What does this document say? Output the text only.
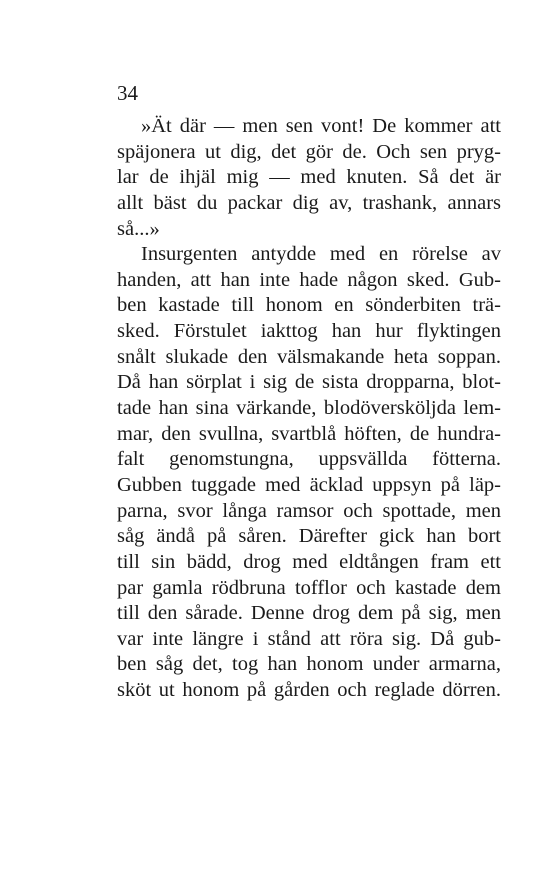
34
»Ät där — men sen vont! De kommer att
späjonera ut dig, det gör de. Och sen pryg-
lar de ihjäl mig — med knuten. Så det är
allt bäst du packar dig av, trashank, annars
så...»
Insurgenten antydde med en rörelse av
handen, att han inte hade någon sked. Gub-
ben kastade till honom en sönderbiten trä-
sked. Förstulet iakttog han hur flyktingen
snålt slukade den välsmakande heta soppan.
Då han sörplat i sig de sista dropparna, blot-
tade han sina värkande, blodöversköljda lem-
mar, den svullna, svartblå höften, de hundra-
falt genomstungna, uppsvällda fötterna.
Gubben tuggade med äcklad uppsyn på läp-
parna, svor långa ramsor och spottade, men
såg ändå på såren. Därefter gick han bort
till sin bädd, drog med eldtången fram ett
par gamla rödbruna tofflor och kastade dem
till den sårade. Denne drog dem på sig, men
var inte längre i stånd att röra sig. Då gub-
ben såg det, tog han honom under armarna,
sköt ut honom på gården och reglade dörren.
